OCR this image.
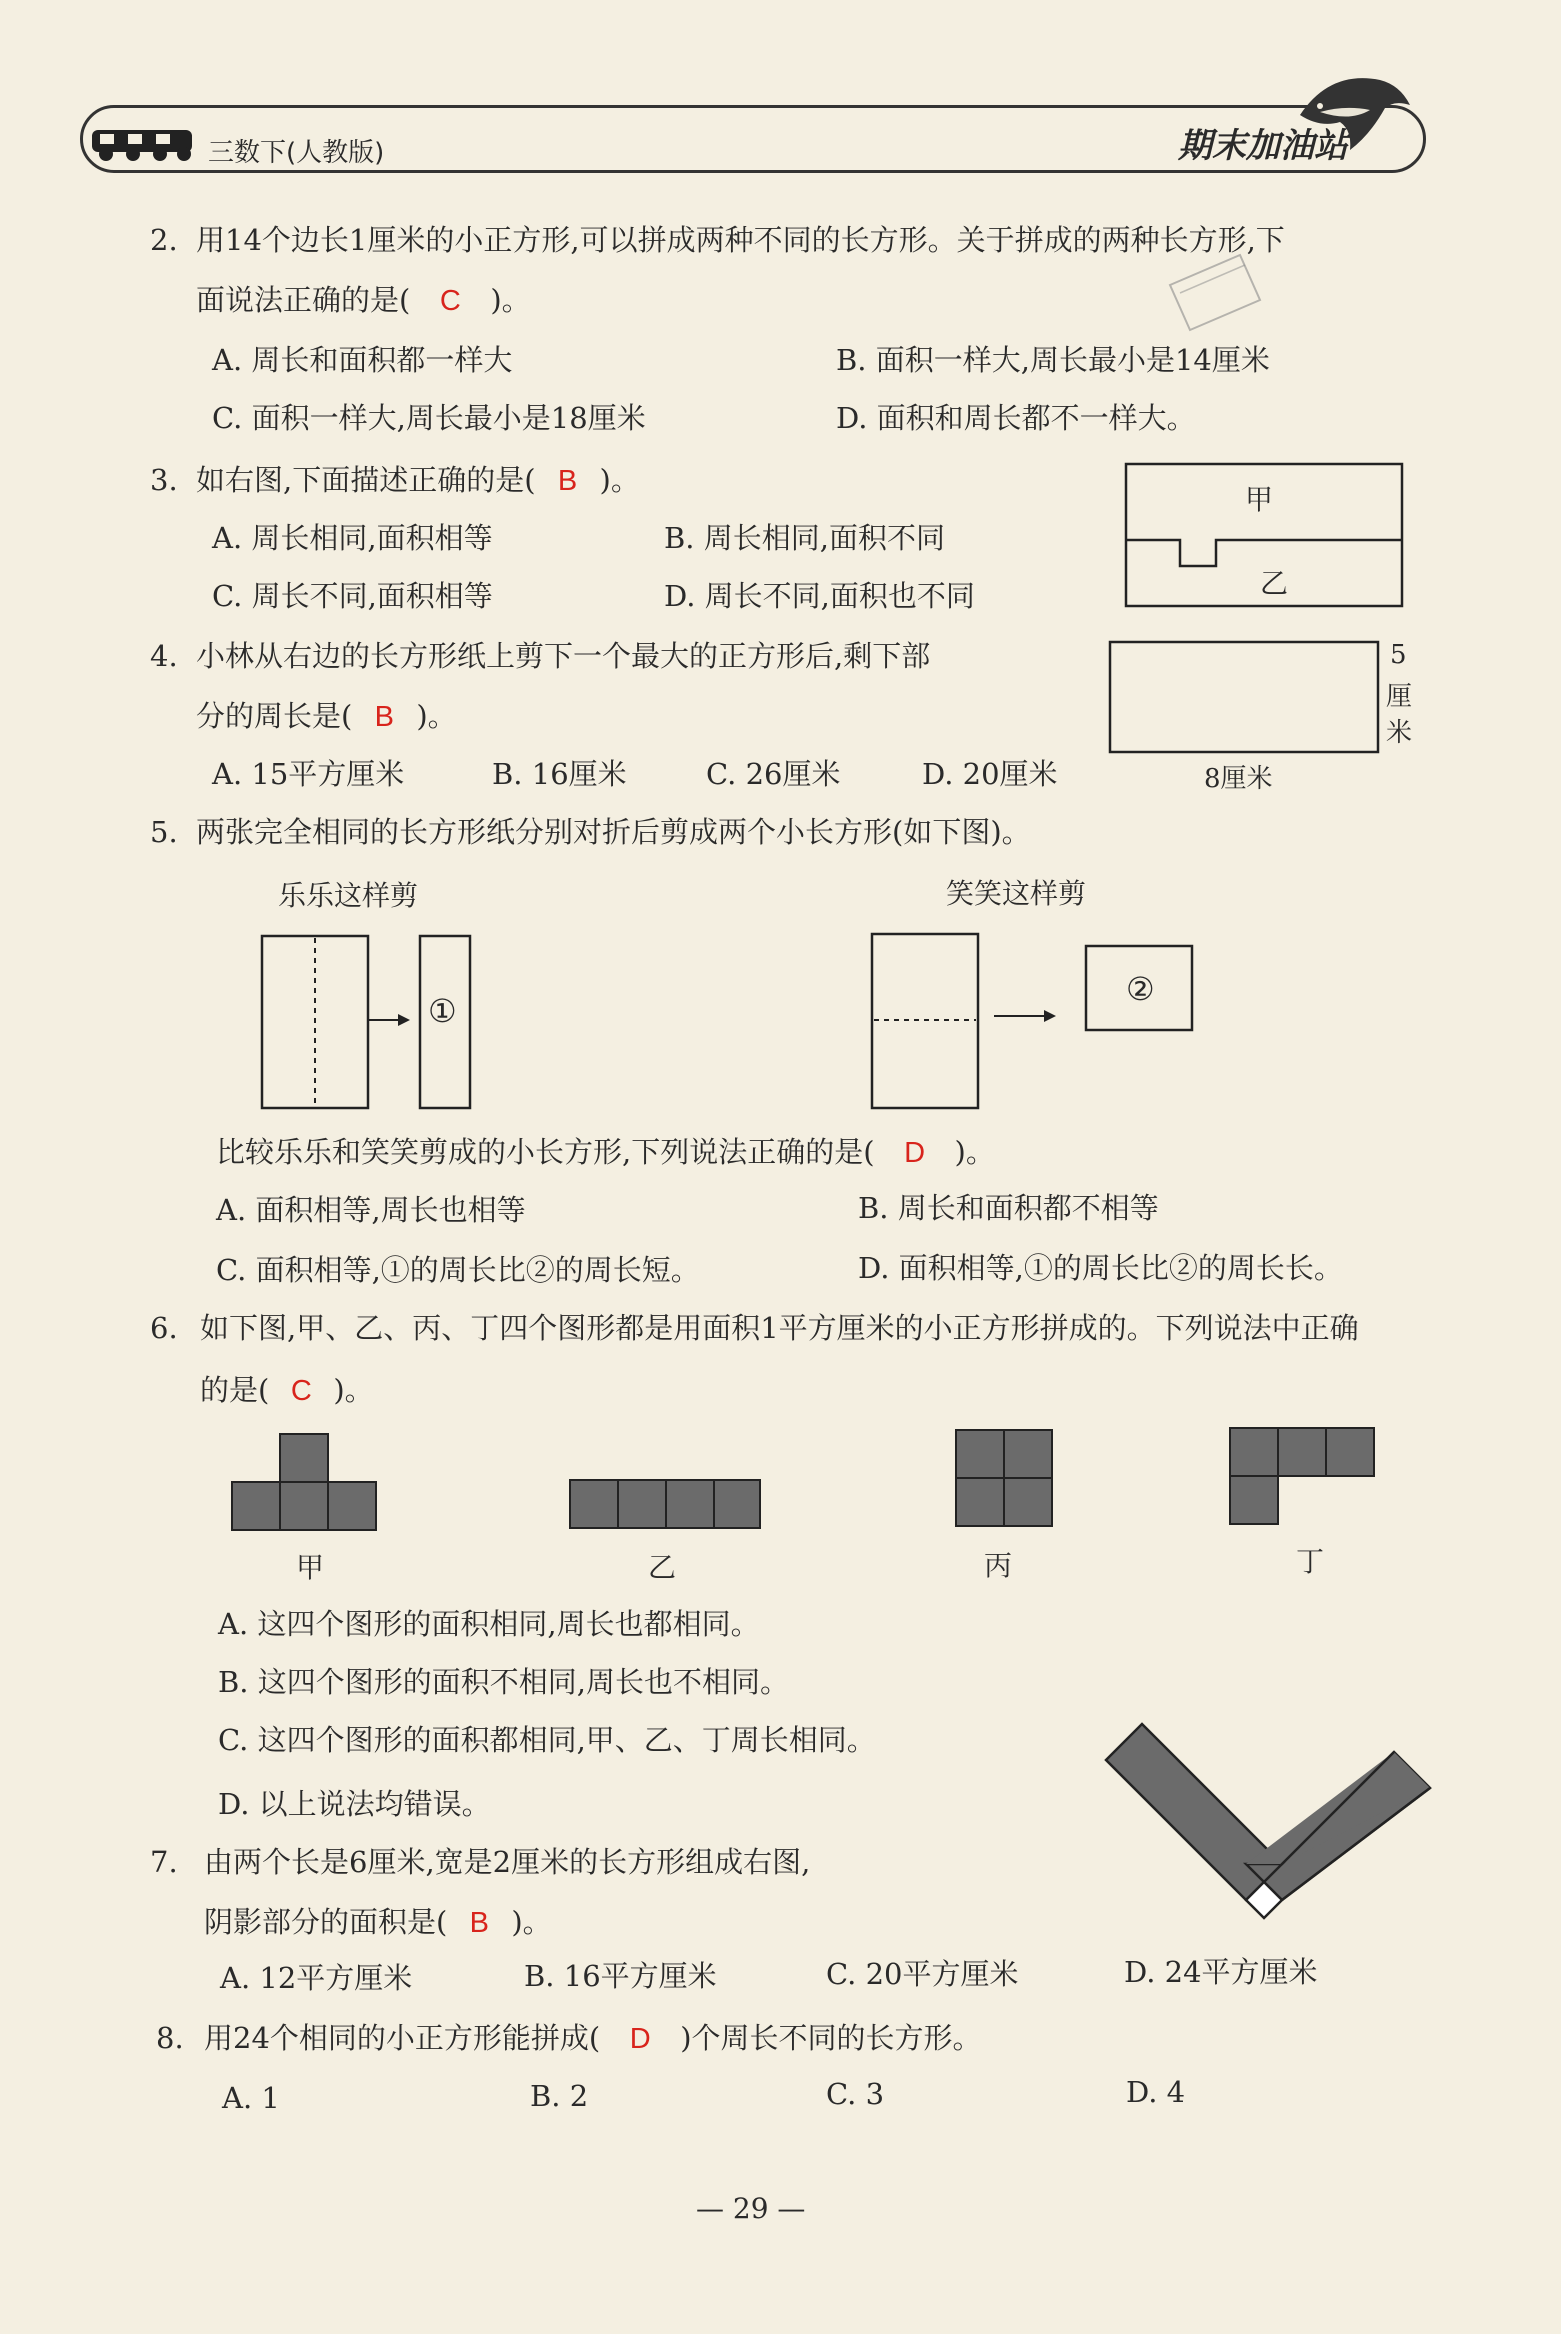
三数下(人教版)	期末加油站
2. 用14个边长1厘米的小正方形,可以拼成两种不同的长方形。关于拼成的两种长方形,下
面说法正确的是( C )。
A. 周长和面积都一样大	B. 面积一样大,周长最小是14厘米
C. 面积一样大,周长最小是18厘米	D. 面积和周长都不一样大。
3. 如右图,下面描述正确的是( B )。
A. 周长相同,面积相等	B. 周长相同,面积不同
C. 周长不同,面积相等	D. 周长不同,面积也不同
甲
乙
4. 小林从右边的长方形纸上剪下一个最大的正方形后,剩下部
分的周长是( B )。
A. 15平方厘米	B. 16厘米	C. 26厘米	D. 20厘米
5
厘
米
8厘米
5. 两张完全相同的长方形纸分别对折后剪成两个小长方形(如下图)。
乐乐这样剪	笑笑这样剪
①
②
比较乐乐和笑笑剪成的小长方形,下列说法正确的是( D )。
A. 面积相等,周长也相等	B. 周长和面积都不相等
C. 面积相等,①的周长比②的周长短。	D. 面积相等,①的周长比②的周长长。
6. 如下图,甲、乙、丙、丁四个图形都是用面积1平方厘米的小正方形拼成的。下列说法中正确
的是( C )。
甲	乙	丙	丁
A. 这四个图形的面积相同,周长也都相同。
B. 这四个图形的面积不相同,周长也不相同。
C. 这四个图形的面积都相同,甲、乙、丁周长相同。
D. 以上说法均错误。
7. 由两个长是6厘米,宽是2厘米的长方形组成右图,
阴影部分的面积是( B )。
A. 12平方厘米	B. 16平方厘米	C. 20平方厘米	D. 24平方厘米
8. 用24个相同的小正方形能拼成( D )个周长不同的长方形。
A. 1	B. 2	C. 3	D. 4
— 29 —
